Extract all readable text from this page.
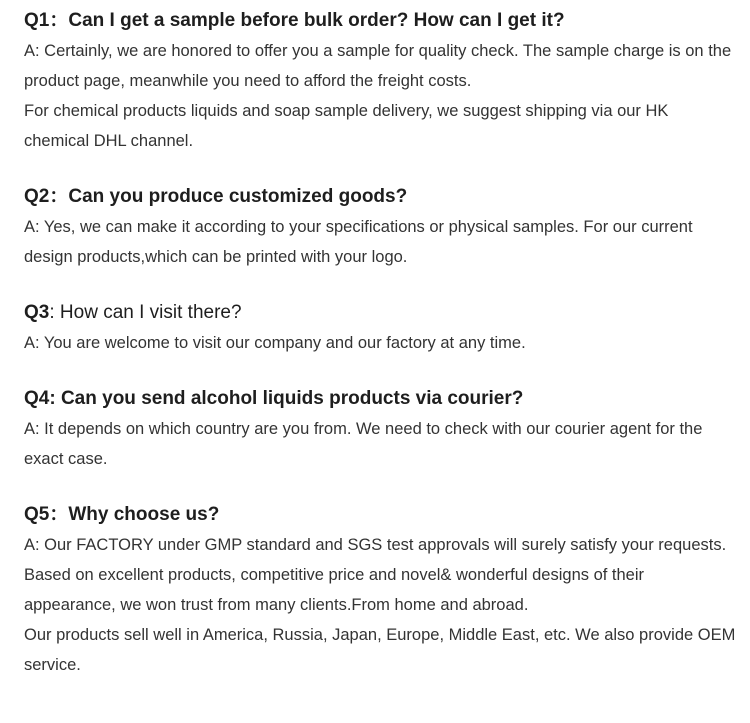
Q1：Can I get a sample before bulk order? How can I get it?

A: Certainly, we are honored to offer you a sample for quality check. The sample charge is on the product page, meanwhile you need to afford the freight costs.

For chemical products liquids and soap sample delivery, we suggest shipping via our HK chemical DHL channel.

Q2：Can you produce customized goods?

A: Yes, we can make it according to your specifications or physical samples. For our current design products,which can be printed with your logo.

Q3: How can I visit there?

A: You are welcome to visit our company and our factory at any time.

Q4: Can you send alcohol liquids products via courier?

A: It depends on which country are you from. We need to check with our courier agent for the exact case.

Q5：Why choose us?

A: Our FACTORY under GMP standard and SGS test approvals will surely satisfy your requests. Based on excellent products, competitive price and novel& wonderful designs of their appearance, we won trust from many clients.From home and abroad.

Our products sell well in America, Russia, Japan, Europe, Middle East, etc. We also provide OEM service.
